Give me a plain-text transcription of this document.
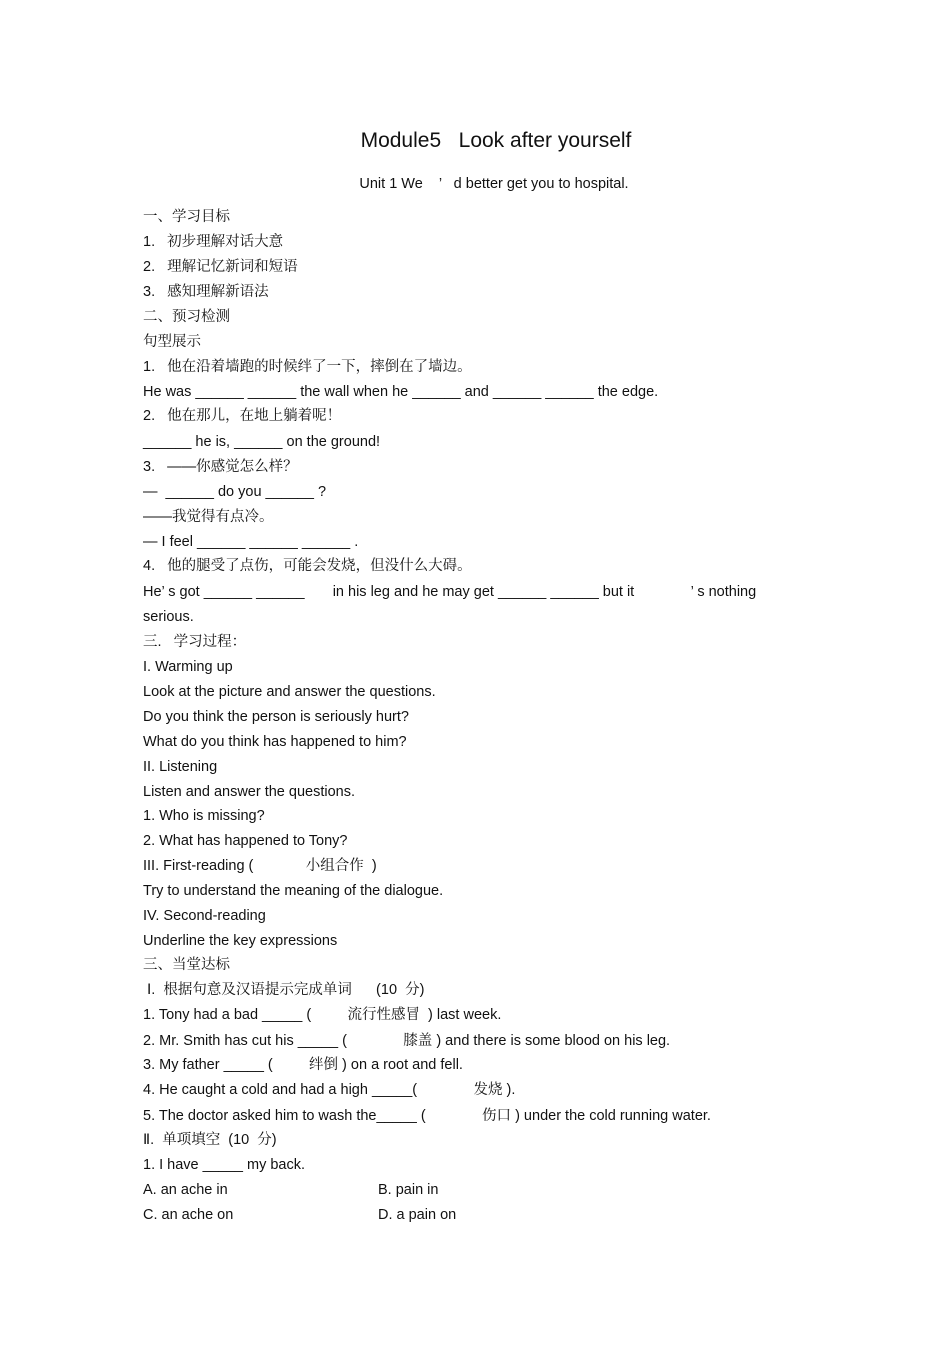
Module5   Look after yourself
Unit 1 We    ’   d better get you to hospital.
一、学习目标
1.   初步理解对话大意
2.   理解记忆新词和短语
3.   感知理解新语法
二、预习检测
句型展示
1.   他在沿着墙跑的时候绊了一下，摔倒在了墙边。
He was ______ ______ the wall when he ______ and ______ ______ the edge.
2.   他在那儿，在地上躺着呢！
______ he is, ______ on the ground!
3.   ——你感觉怎么样？
—  ______ do you ______ ?
——我觉得有点冷。
— I feel ______ ______ ______ .
4.   他的腿受了点伤，可能会发烧，但没什么大碍。
He’ s got ______ ______       in his leg and he may get ______ ______ but it              ’ s nothing
serious.
三.   学习过程：
I. Warming up
Look at the picture and answer the questions.
Do you think the person is seriously hurt?
What do you think has happened to him?
II. Listening
Listen and answer the questions.
1. Who is missing?
2. What has happened to Tony?
III. First-reading (             小组合作  )
Try to understand the meaning of the dialogue.
IV. Second-reading
Underline the key expressions
三、当堂达标
Ⅰ.  根据句意及汉语提示完成单词      (10  分)
1. Tony had a bad _____ (         流行性感冒  ) last week.
2. Mr. Smith has cut his _____ (              膝盖 ) and there is some blood on his leg.
3. My father _____ (         绊倒 ) on a root and fell.
4. He caught a cold and had a high _____(              发烧 ).
5. The doctor asked him to wash the_____ (              伤口 ) under the cold running water.
Ⅱ.  单项填空  (10  分)
1. I have _____ my back.
A. an ache in	B. pain in
C. an ache on	D. a pain on
